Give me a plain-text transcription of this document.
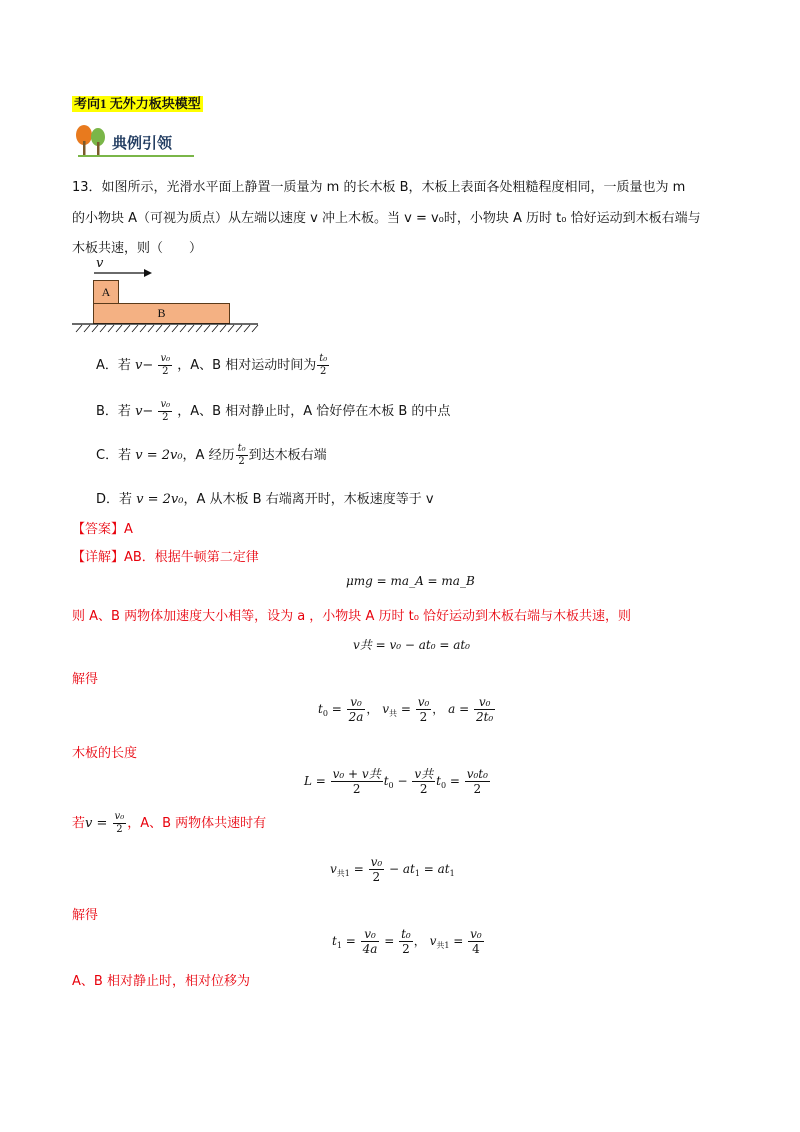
考向1 无外力板块模型
典例引领
13．如图所示，光滑水平面上静置一质量为 m 的长木板 B，木板上表面各处粗糙程度相同，一质量也为 m
的小物块 A（可视为质点）从左端以速度 v 冲上木板。当 v = v₀时，小物块 A 历时 t₀ 恰好运动到木板右端与
木板共速，则（　　）
v
A
B
A．若 $v- \frac{\text{v₀}}{2}$ ，A、B 相对运动时间为 $\frac{\text{t₀}}{2}$
B．若 $v- \frac{\text{v₀}}{2}$ ，A、B 相对静止时，A 恰好停在木板 B 的中点
C．若 v = 2v₀，A 经历 $\frac{\text{t₀}}{2}$ 到达木板右端
D．若 v = 2v₀，A 从木板 B 右端离开时，木板速度等于 v
【答案】A
【详解】AB．根据牛顿第二定律
μmg = ma_A = ma_B
则 A、B 两物体加速度大小相等，设为 a ，小物块 A 历时 t₀ 恰好运动到木板右端与木板共速，则
v共 = v₀ − at₀ = at₀
解得
$t_0 = \frac{\text{v₀}}{2a}$ ， $v_共 = \frac{\text{v₀}}{2}$ ， $a = \frac{\text{v₀}}{\text{2t₀}}$
木板的长度
$L = \frac{\text{v₀ + v共}}{2} t_0 - \frac{\text{v共}}{2} t_0 = \frac{\text{v₀t₀}}{2}$
若$v = \frac{\text{v₀}}{2}$ ，A、B 两物体共速时有
$v_{共1} = \frac{\text{v₀}}{2} - at_1 = at_1$
解得
$t_1 = \frac{\text{v₀}}{4a} = \frac{\text{t₀}}{2}$ ， $v_{共1} = \frac{\text{v₀}}{4}$
A、B 相对静止时，相对位移为
